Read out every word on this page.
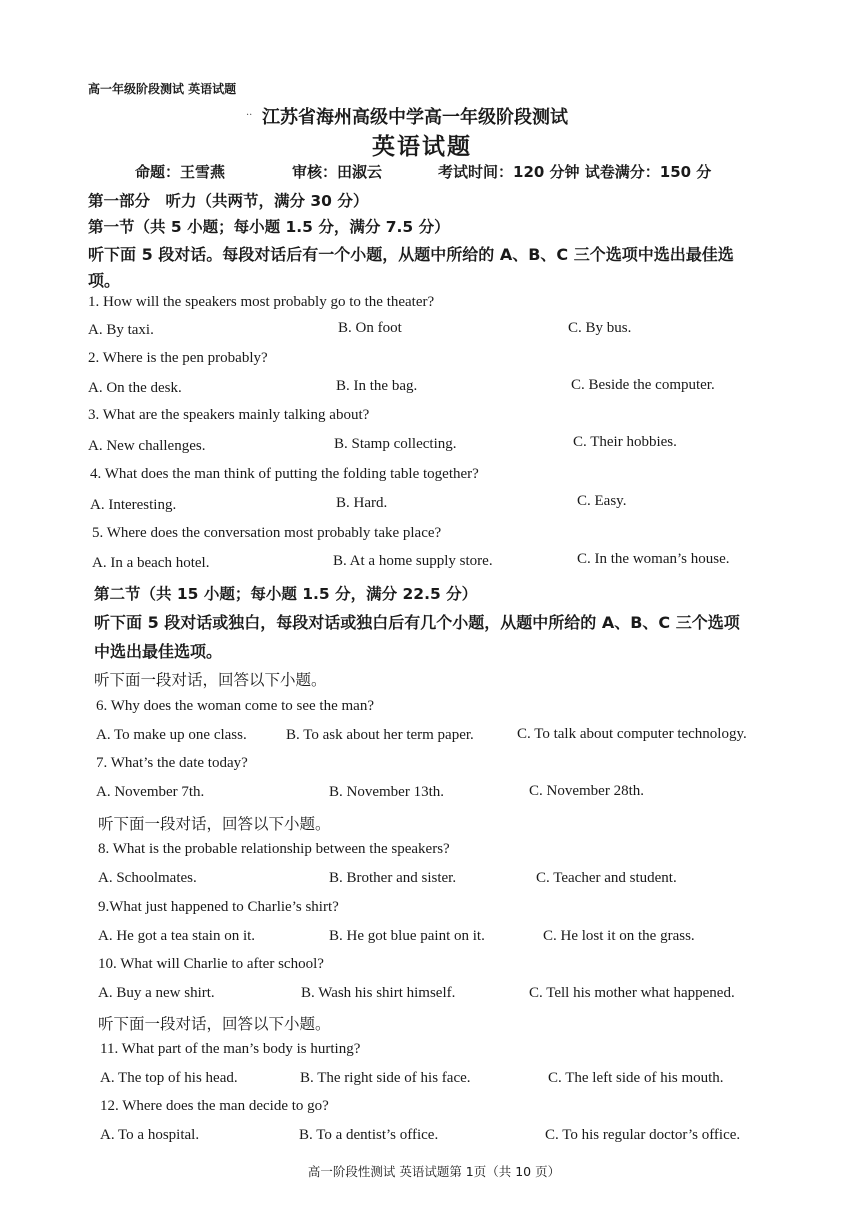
高一年级阶段测试 英语试题
·· 江苏省海州高级中学高一年级阶段测试
英语试题
命题：王雪燕	审核：田淑云	考试时间：120 分钟 试卷满分：150 分
第一部分　听力（共两节，满分 30 分）
第一节（共 5 小题；每小题 1.5 分，满分 7.5 分）
听下面 5 段对话。每段对话后有一个小题，从题中所给的 A、B、C 三个选项中选出最佳选
项。
1. How will the speakers most probably go to the theater?
A. By taxi.	B. On foot	C. By bus.
2. Where is the pen probably?
A. On the desk.	B. In the bag.	C. Beside the computer.
3. What are the speakers mainly talking about?
A. New challenges.	B. Stamp collecting.	C. Their hobbies.
4. What does the man think of putting the folding table together?
A. Interesting.	B. Hard.	C. Easy.
5. Where does the conversation most probably take place?
A. In a beach hotel.	B. At a home supply store.	C. In the woman’s house.
第二节（共 15 小题；每小题 1.5 分，满分 22.5 分）
听下面 5 段对话或独白，每段对话或独白后有几个小题，从题中所给的 A、B、C 三个选项
中选出最佳选项。
听下面一段对话，回答以下小题。
6. Why does the woman come to see the man?
A. To make up one class.	B. To ask about her term paper.	C. To talk about computer technology.
7. What’s the date today?
A. November 7th.	B. November 13th.	C. November 28th.
听下面一段对话，回答以下小题。
8. What is the probable relationship between the speakers?
A. Schoolmates.	B. Brother and sister.	C. Teacher and student.
9.What just happened to Charlie’s shirt?
A. He got a tea stain on it.	B. He got blue paint on it.	C. He lost it on the grass.
10. What will Charlie to after school?
A. Buy a new shirt.	B. Wash his shirt himself.	C. Tell his mother what happened.
听下面一段对话，回答以下小题。
11. What part of the man’s body is hurting?
A. The top of his head.	B. The right side of his face.	C. The left side of his mouth.
12. Where does the man decide to go?
A. To a hospital.	B. To a dentist’s office.	C. To his regular doctor’s office.
高一阶段性测试 英语试题第 1页（共 10 页）
